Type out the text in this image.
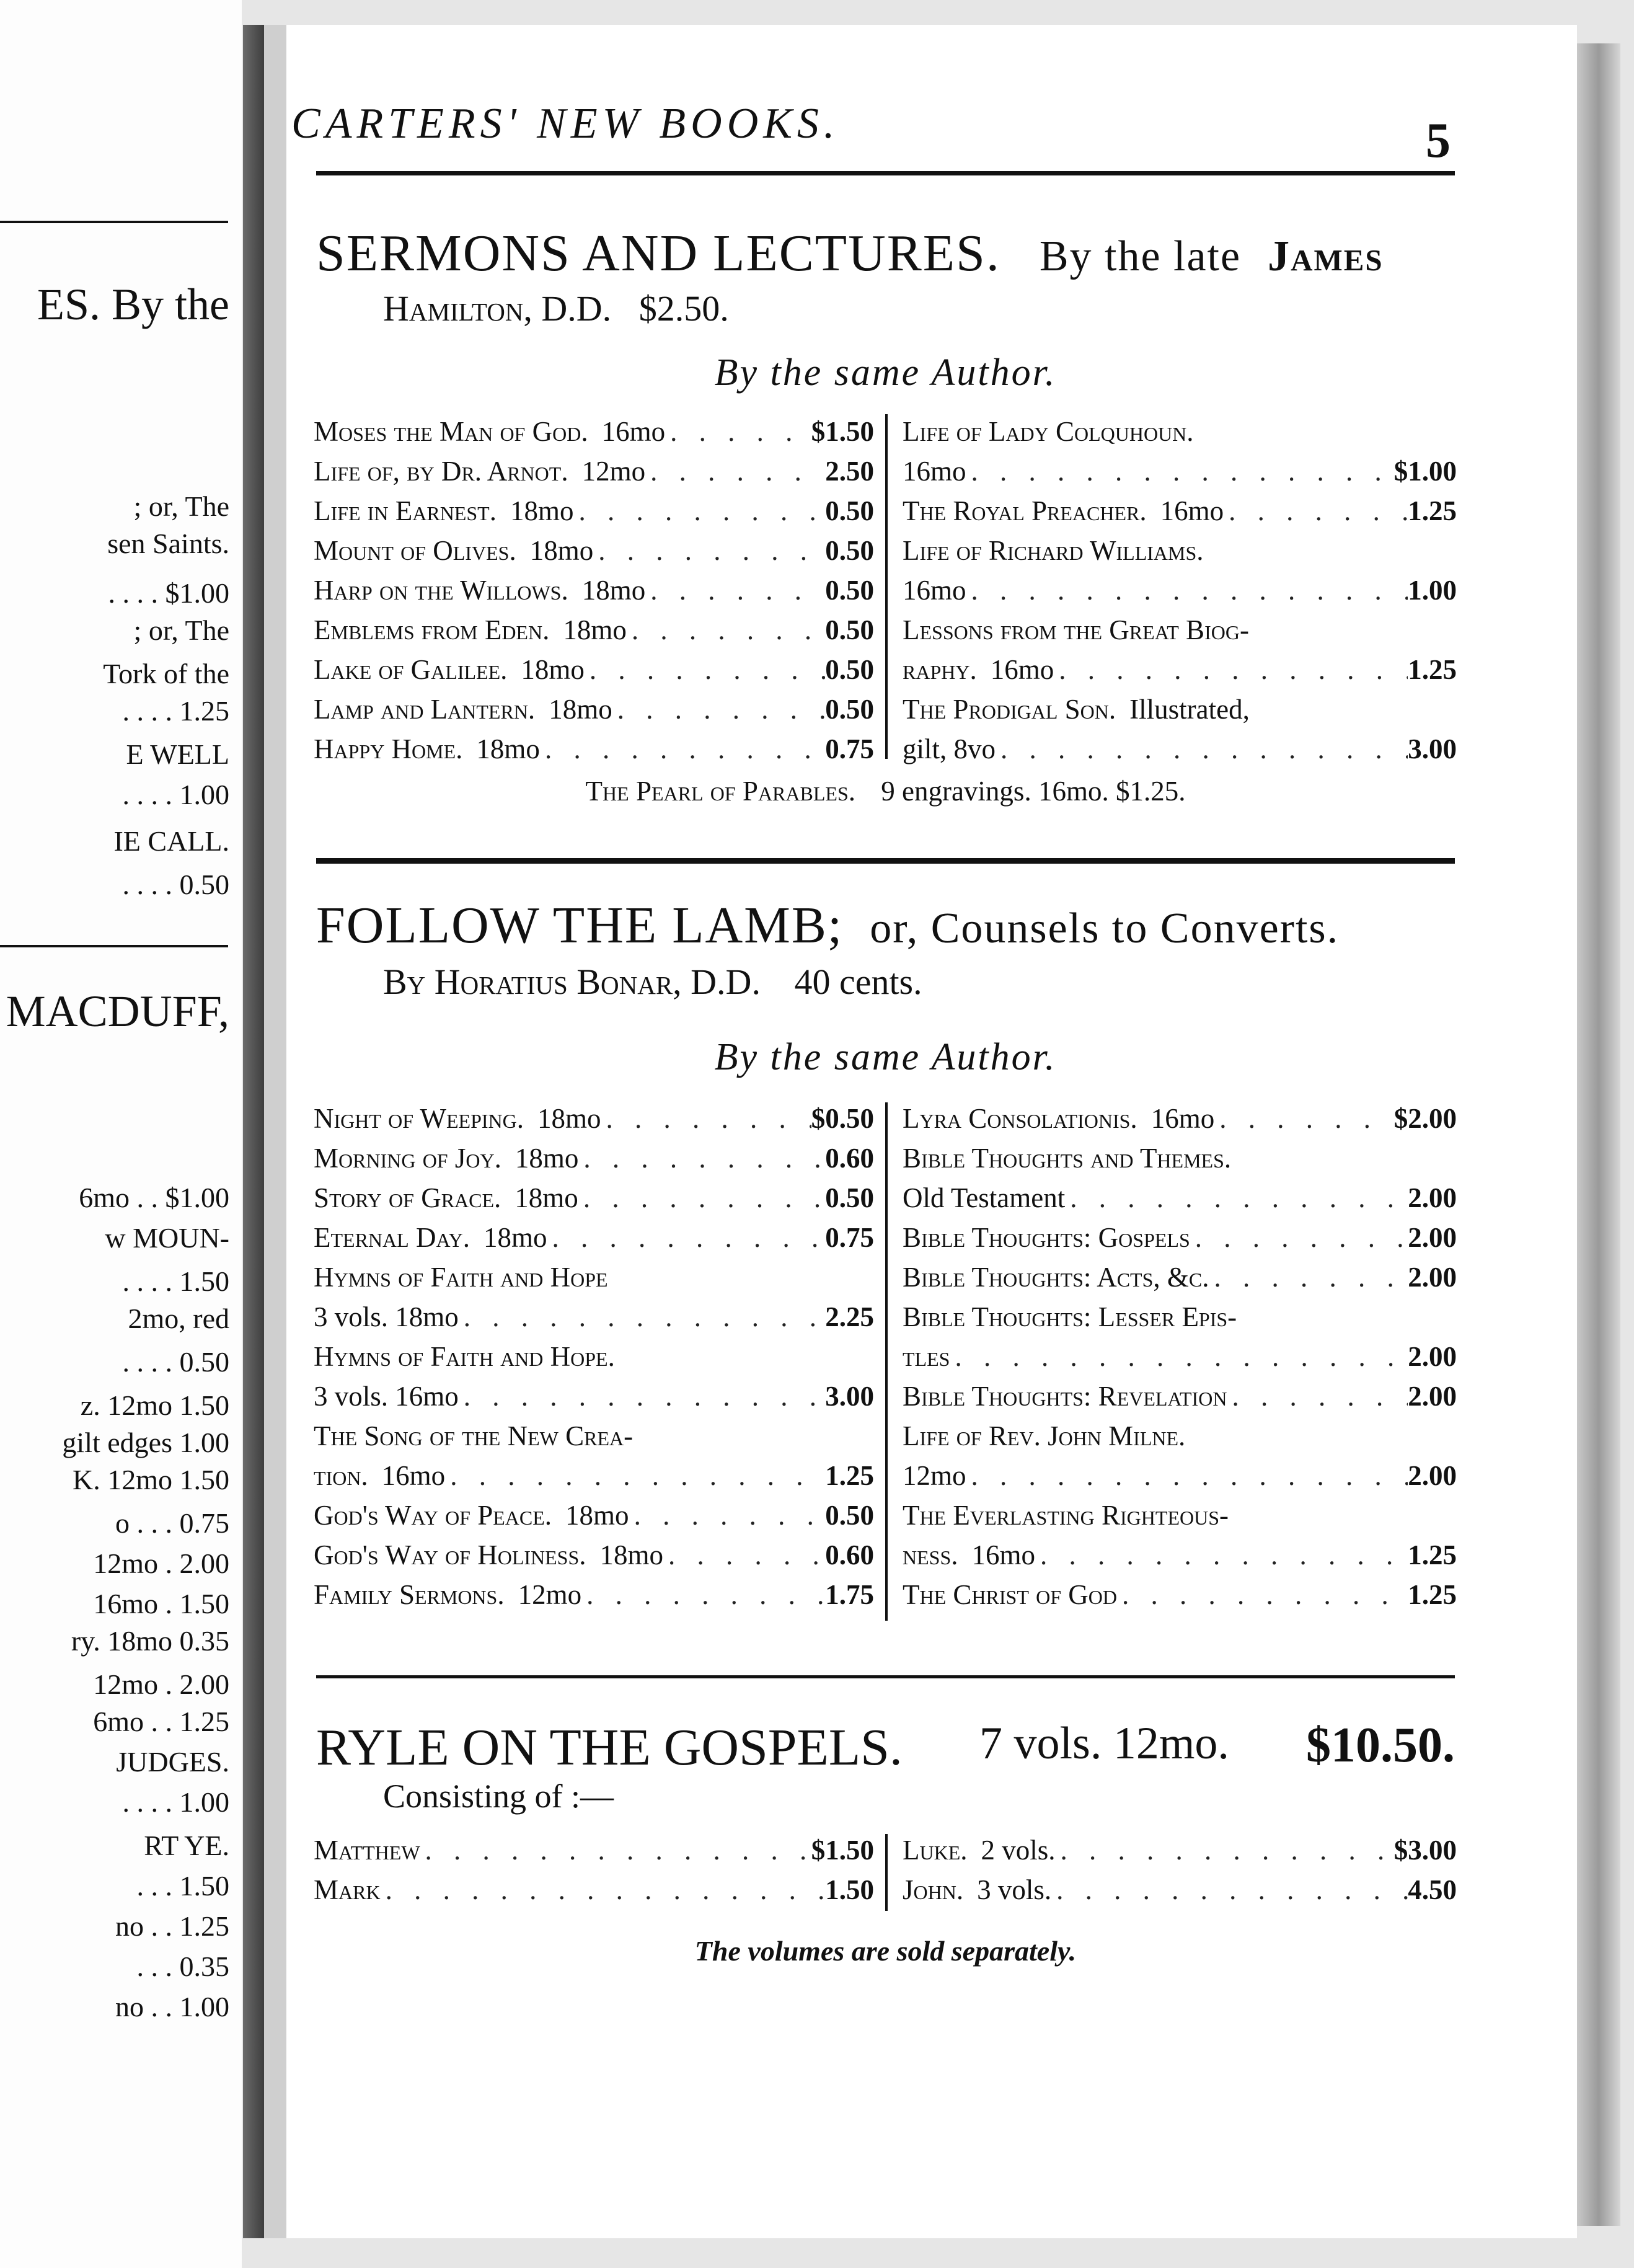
ES. By the
; or, The
sen Saints.
. . . . $1.00
; or, The
Tork of the
. . . . 1.25
E WELL
. . . . 1.00
IE CALL.
. . . . 0.50
MACDUFF,
6mo . . $1.00
w MOUN-
. . . . 1.50
2mo, red
. . . . 0.50
z. 12mo 1.50
gilt edges 1.00
K. 12mo 1.50
o . . . 0.75
12mo . 2.00
16mo . 1.50
ry. 18mo 0.35
12mo . 2.00
6mo . . 1.25
JUDGES.
. . . . 1.00
RT YE.
. . . 1.50
no . . 1.25
. . . 0.35
no . . 1.00
CARTERS' NEW BOOKS.	5
SERMONS AND LECTURES. By the late James
Hamilton, D.D. $2.50.
By the same Author.
Moses the Man of God. 16mo . . .	$1.50
Life of, by Dr. Arnot. 12mo . . .	2.50
Life in Earnest. 18mo . . .	0.50
Mount of Olives. 18mo . . .	0.50
Harp on the Willows. 18mo . . .	0.50
Emblems from Eden. 18mo . . .	0.50
Lake of Galilee. 18mo . . .	0.50
Lamp and Lantern. 18mo . . .	0.50
Happy Home. 18mo . . .	0.75
Life of Lady Colquhoun.
16mo . . .	$1.00
The Royal Preacher. 16mo . . .	1.25
Life of Richard Williams.
16mo . . .	1.00
Lessons from the Great Biog-
raphy. 16mo . . .	1.25
The Prodigal Son. Illustrated,
gilt, 8vo . . .	3.00
The Pearl of Parables. 9 engravings. 16mo. $1.25.
FOLLOW THE LAMB; or, Counsels to Converts.
By Horatius Bonar, D.D. 40 cents.
By the same Author.
Night of Weeping. 18mo . . .	$0.50
Morning of Joy. 18mo . . .	0.60
Story of Grace. 18mo . . .	0.50
Eternal Day. 18mo . . .	0.75
Hymns of Faith and Hope
3 vols. 18mo . . .	2.25
Hymns of Faith and Hope.
3 vols. 16mo . . .	3.00
The Song of the New Crea-
tion. 16mo . . .	1.25
God's Way of Peace. 18mo . . .	0.50
God's Way of Holiness. 18mo . . .	0.60
Family Sermons. 12mo . . .	1.75
Lyra Consolationis. 16mo . . .	$2.00
Bible Thoughts and Themes.
Old Testament . . .	2.00
Bible Thoughts: Gospels . . .	2.00
Bible Thoughts: Acts, &c. . . .	2.00
Bible Thoughts: Lesser Epis-
tles . . .	2.00
Bible Thoughts: Revelation . . .	2.00
Life of Rev. John Milne.
12mo . . .	2.00
The Everlasting Righteous-
ness. 16mo . . .	1.25
The Christ of God . . .	1.25
RYLE ON THE GOSPELS. 7 vols. 12mo. $10.50.
Consisting of :—
Matthew . . .	$1.50
Mark . . .	1.50
Luke. 2 vols. . . .	$3.00
John. 3 vols. . . .	4.50
The volumes are sold separately.
